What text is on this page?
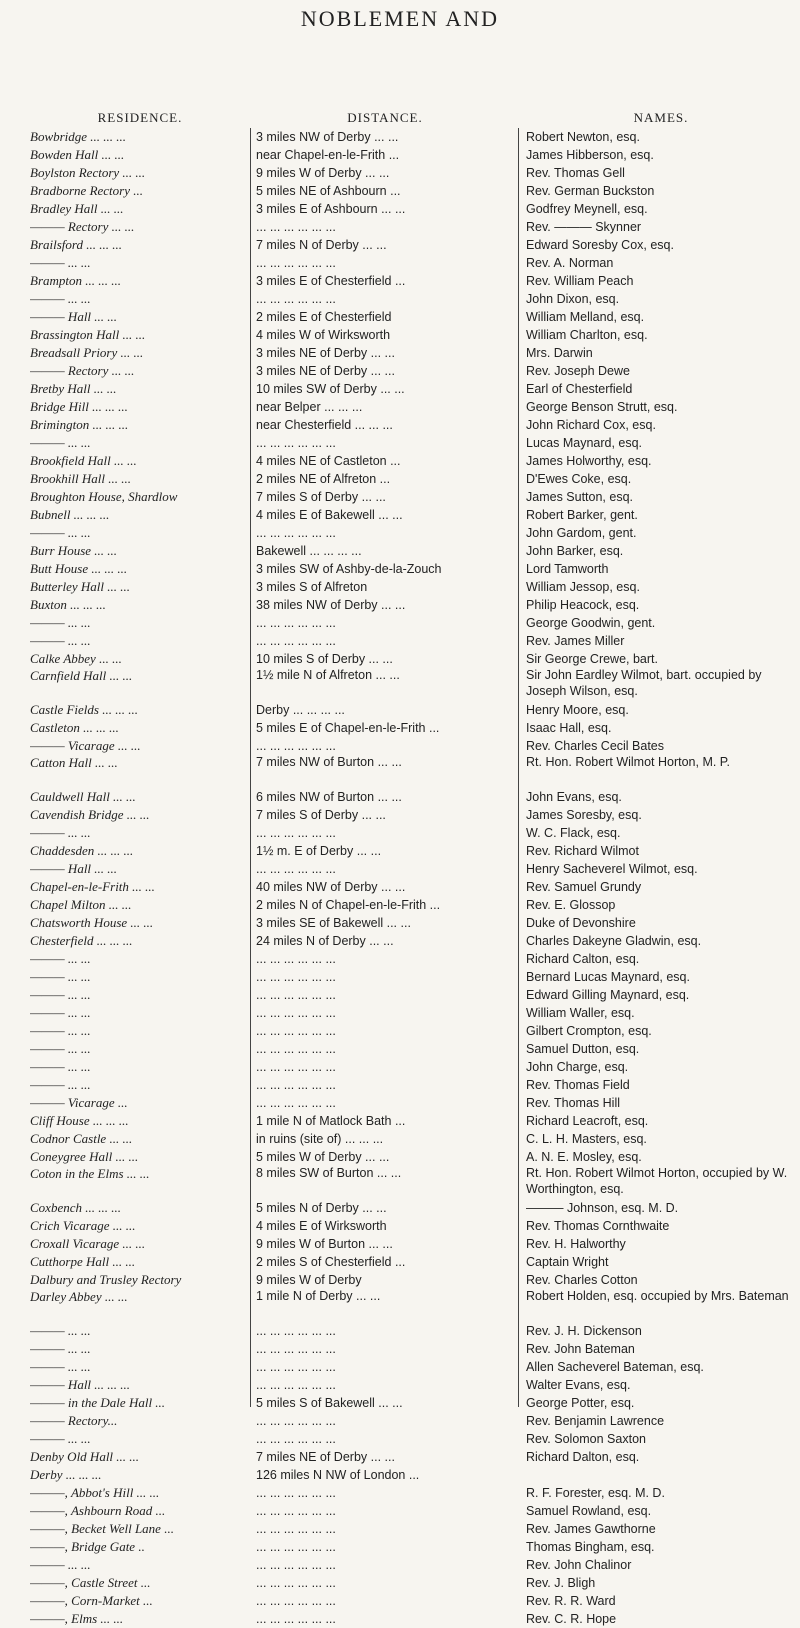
NOBLEMEN AND
RESIDENCE.
Bowbridge ... ... ...
Bowden Hall ... ...
Boylston Rectory ... ...
Bradborne Rectory ...
Bradley Hall ... ...
——— Rectory ... ...
Brailsford ... ... ...
——— ... ...
Brampton ... ... ...
——— ... ...
——— Hall ... ...
Brassington Hall ... ...
Breadsall Priory ... ...
——— Rectory ... ...
Bretby Hall ... ...
Bridge Hill ... ... ...
Brimington ... ... ...
——— ... ...
Brookfield Hall ... ...
Brookhill Hall ... ...
Broughton House, Shardlow
Bubnell ... ... ...
——— ... ...
Burr House ... ...
Butt House ... ... ...
Butterley Hall ... ...
Buxton ... ... ...
——— ... ...
——— ... ...
Calke Abbey ... ...
Carnfield Hall ... ...
Castle Fields ... ... ...
Castleton ... ... ...
——— Vicarage ... ...
Catton Hall ... ...
Cauldwell Hall ... ...
Cavendish Bridge ... ...
——— ... ...
Chaddesden ... ... ...
——— Hall ... ...
Chapel-en-le-Frith ... ...
Chapel Milton ... ...
Chatsworth House ... ...
Chesterfield ... ... ...
——— ... ...
——— ... ...
——— ... ...
——— ... ...
——— ... ...
——— ... ...
——— ... ...
——— ... ...
——— Vicarage ...
Cliff House ... ... ...
Codnor Castle ... ...
Coneygree Hall ... ...
Coton in the Elms ... ...
Coxbench ... ... ...
Crich Vicarage ... ...
Croxall Vicarage ... ...
Cutthorpe Hall ... ...
Dalbury and Trusley Rectory
Darley Abbey ... ...
——— ... ...
——— ... ...
——— ... ...
——— Hall ... ... ...
——— in the Dale Hall ...
——— Rectory...
——— ... ...
Denby Old Hall ... ...
Derby ... ... ...
———, Abbot's Hill ... ...
———, Ashbourn Road ...
———, Becket Well Lane ...
———, Bridge Gate ..
——— ... ...
———, Castle Street ...
———, Corn-Market ...
———, Elms ... ...
DISTANCE.
3 miles NW of Derby ... ...
near Chapel-en-le-Frith ...
9 miles W of Derby ... ...
5 miles NE of Ashbourn ...
3 miles E of Ashbourn ... ...
... ... ... ... ... ...
7 miles N of Derby ... ...
... ... ... ... ... ...
3 miles E of Chesterfield ...
... ... ... ... ... ...
2 miles E of Chesterfield
4 miles W of Wirksworth
3 miles NE of Derby ... ...
3 miles NE of Derby ... ...
10 miles SW of Derby ... ...
near Belper ... ... ...
near Chesterfield ... ... ...
... ... ... ... ... ...
4 miles NE of Castleton ...
2 miles NE of Alfreton ...
7 miles S of Derby ... ...
4 miles E of Bakewell ... ...
... ... ... ... ... ...
Bakewell ... ... ... ...
3 miles SW of Ashby-de-la-Zouch
3 miles S of Alfreton
38 miles NW of Derby ... ...
... ... ... ... ... ...
... ... ... ... ... ...
10 miles S of Derby ... ...
1½ mile N of Alfreton ... ...
Derby ... ... ... ...
5 miles E of Chapel-en-le-Frith ...
... ... ... ... ... ...
7 miles NW of Burton ... ...
6 miles NW of Burton ... ...
7 miles S of Derby ... ...
... ... ... ... ... ...
1½ m. E of Derby ... ...
... ... ... ... ... ...
40 miles NW of Derby ... ...
2 miles N of Chapel-en-le-Frith ...
3 miles SE of Bakewell ... ...
24 miles N of Derby ... ...
... ... ... ... ... ...
... ... ... ... ... ...
... ... ... ... ... ...
... ... ... ... ... ...
... ... ... ... ... ...
... ... ... ... ... ...
... ... ... ... ... ...
... ... ... ... ... ...
... ... ... ... ... ...
1 mile N of Matlock Bath ...
in ruins (site of) ... ... ...
5 miles W of Derby ... ...
8 miles SW of Burton ... ...
5 miles N of Derby ... ...
4 miles E of Wirksworth
9 miles W of Burton ... ...
2 miles S of Chesterfield ...
9 miles W of Derby
1 mile N of Derby ... ...
... ... ... ... ... ...
... ... ... ... ... ...
... ... ... ... ... ...
... ... ... ... ... ...
5 miles S of Bakewell ... ...
... ... ... ... ... ...
... ... ... ... ... ...
7 miles NE of Derby ... ...
126 miles N NW of London ...
... ... ... ... ... ...
... ... ... ... ... ...
... ... ... ... ... ...
... ... ... ... ... ...
... ... ... ... ... ...
... ... ... ... ... ...
... ... ... ... ... ...
... ... ... ... ... ...
NAMES.
Robert Newton, esq.
James Hibberson, esq.
Rev. Thomas Gell
Rev. German Buckston
Godfrey Meynell, esq.
Rev. ——— Skynner
Edward Soresby Cox, esq.
Rev. A. Norman
Rev. William Peach
John Dixon, esq.
William Melland, esq.
William Charlton, esq.
Mrs. Darwin
Rev. Joseph Dewe
Earl of Chesterfield
George Benson Strutt, esq.
John Richard Cox, esq.
Lucas Maynard, esq.
James Holworthy, esq.
D'Ewes Coke, esq.
James Sutton, esq.
Robert Barker, gent.
John Gardom, gent.
John Barker, esq.
Lord Tamworth
William Jessop, esq.
Philip Heacock, esq.
George Goodwin, gent.
Rev. James Miller
Sir George Crewe, bart.
Sir John Eardley Wilmot, bart. occupied by Joseph Wilson, esq.
Henry Moore, esq.
Isaac Hall, esq.
Rev. Charles Cecil Bates
Rt. Hon. Robert Wilmot Horton, M. P.
John Evans, esq.
James Soresby, esq.
W. C. Flack, esq.
Rev. Richard Wilmot
Henry Sacheverel Wilmot, esq.
Rev. Samuel Grundy
Rev. E. Glossop
Duke of Devonshire
Charles Dakeyne Gladwin, esq.
Richard Calton, esq.
Bernard Lucas Maynard, esq.
Edward Gilling Maynard, esq.
William Waller, esq.
Gilbert Crompton, esq.
Samuel Dutton, esq.
John Charge, esq.
Rev. Thomas Field
Rev. Thomas Hill
Richard Leacroft, esq.
C. L. H. Masters, esq.
A. N. E. Mosley, esq.
Rt. Hon. Robert Wilmot Horton, occupied by W. Worthington, esq.
——— Johnson, esq. M. D.
Rev. Thomas Cornthwaite
Rev. H. Halworthy
Captain Wright
Rev. Charles Cotton
Robert Holden, esq. occupied by Mrs. Bateman
Rev. J. H. Dickenson
Rev. John Bateman
Allen Sacheverel Bateman, esq.
Walter Evans, esq.
George Potter, esq.
Rev. Benjamin Lawrence
Rev. Solomon Saxton
Richard Dalton, esq.
R. F. Forester, esq. M. D.
Samuel Rowland, esq.
Rev. James Gawthorne
Thomas Bingham, esq.
Rev. John Chalinor
Rev. J. Bligh
Rev. R. R. Ward
Rev. C. R. Hope
